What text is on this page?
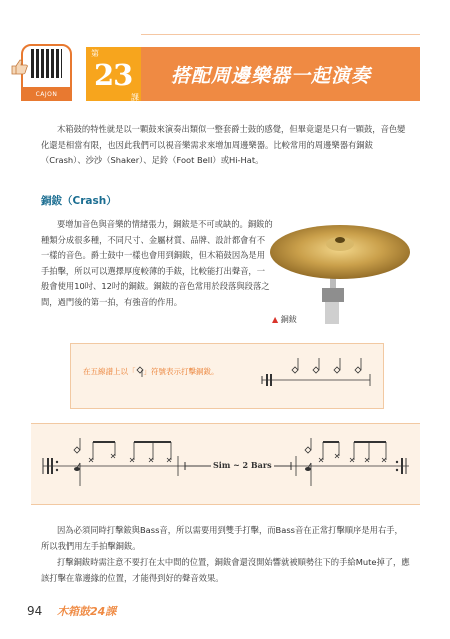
CAJON
第
23
課
搭配周邊樂器一起演奏
木箱鼓的特性就是以一顆鼓來演奏出類似一整套爵士鼓的感覺，但畢竟還是只有一顆鼓，音色變化還是相當有限，也因此我們可以視音樂需求來增加周邊樂器。比較常用的周邊樂器有銅鈸（Crash）、沙沙（Shaker）、足鈴（Foot Bell）或Hi-Hat。
銅鈸（Crash）
要增加音色與音樂的情緒張力，銅鈸是不可或缺的。銅鈸的種類分成很多種，不同尺寸、金屬材質、品牌、設計都會有不一樣的音色。爵士鼓中一樣也會用到銅鈸，但木箱鼓因為是用手拍擊，所以可以選擇厚度較薄的手鈸，比較能打出聲音，一般會使用10吋、12吋的銅鈸。銅鈸的音色常用於段落與段落之間，過門後的第一拍，有強音的作用。
▲ 銅鈸
在五線譜上以「 」符號表示打擊銅鈸。
Sim ~ 2 Bars
因為必須同時打擊鈸與Bass音，所以需要用到雙手打擊，而Bass音在正常打擊順序是用右手，所以我們用左手拍擊銅鈸。
打擊銅鈸時需注意不要打在太中間的位置，銅鈸會還沒開始響就被順勢往下的手給Mute掉了，應該打擊在靠邊緣的位置，才能得到好的聲音效果。
94 木箱鼓24課
